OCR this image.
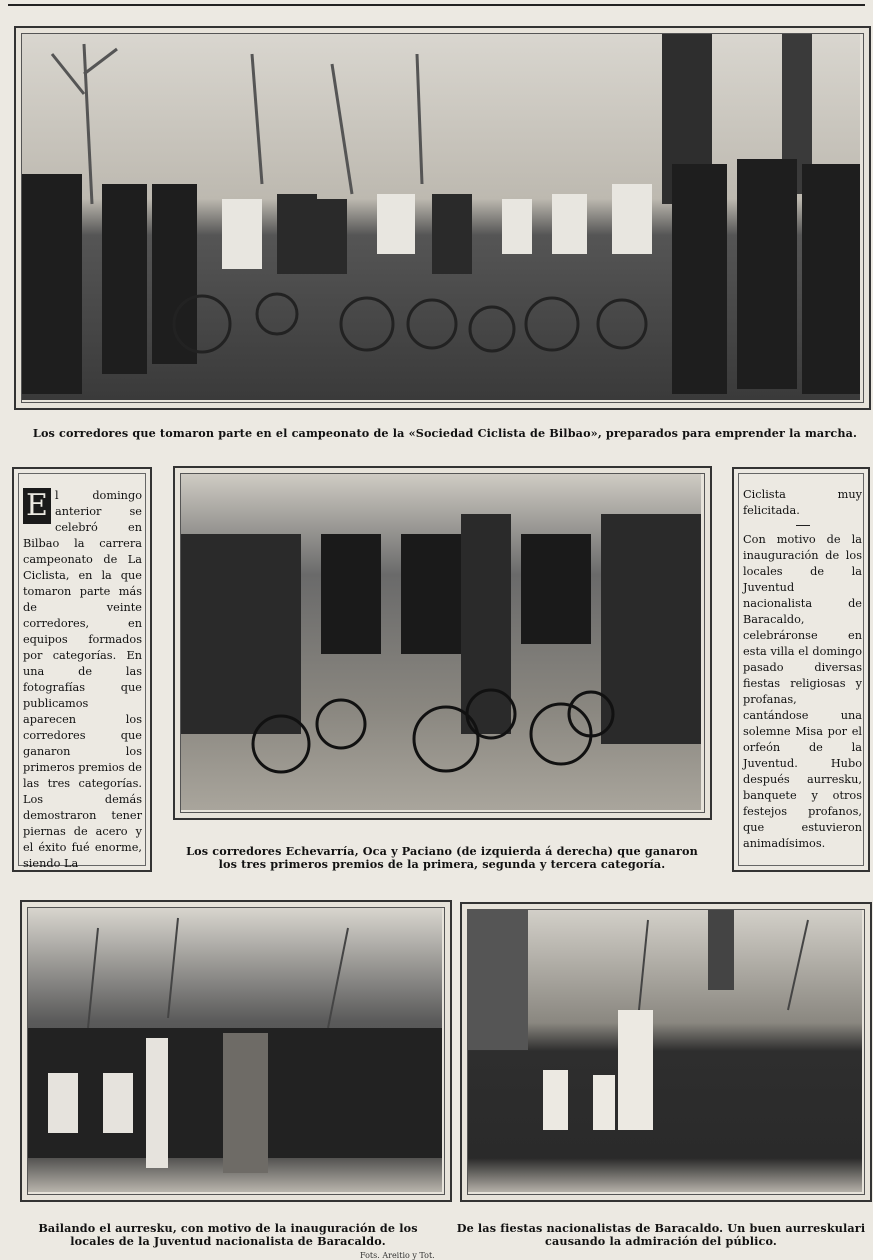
Los corredores que tomaron parte en el campeonato de la «Sociedad Ciclista de Bilbao», preparados para emprender la marcha.
E l domingo anterior se celebró en Bilbao la carrera campeonato de La Ciclista, en la que tomaron parte más de veinte corredores, en equipos formados por categorías. En una de las fotografías que publicamos aparecen los corredores que ganaron los primeros premios de las tres categorías. Los demás demostraron tener piernas de acero y el éxito fué enorme, siendo La
Los corredores Echevarría, Oca y Paciano (de izquierda á derecha) que ganaron los tres primeros premios de la primera, segunda y tercera categoría.
Ciclista muy felicitada.
Con motivo de la inauguración de los locales de la Juventud nacionalista de Baracaldo, celebráronse en esta villa el domingo pasado diversas fiestas religiosas y profanas, cantándose una solemne Misa por el orfeón de la Juventud. Hubo después aurresku, banquete y otros festejos profanos, que estuvieron animadísimos.
Bailando el aurresku, con motivo de la inauguración de los locales de la Juventud nacionalista de Baracaldo.
De las fiestas nacionalistas de Baracaldo. Un buen aurreskulari causando la admiración del público.
Fots. Areitio y Tot.
